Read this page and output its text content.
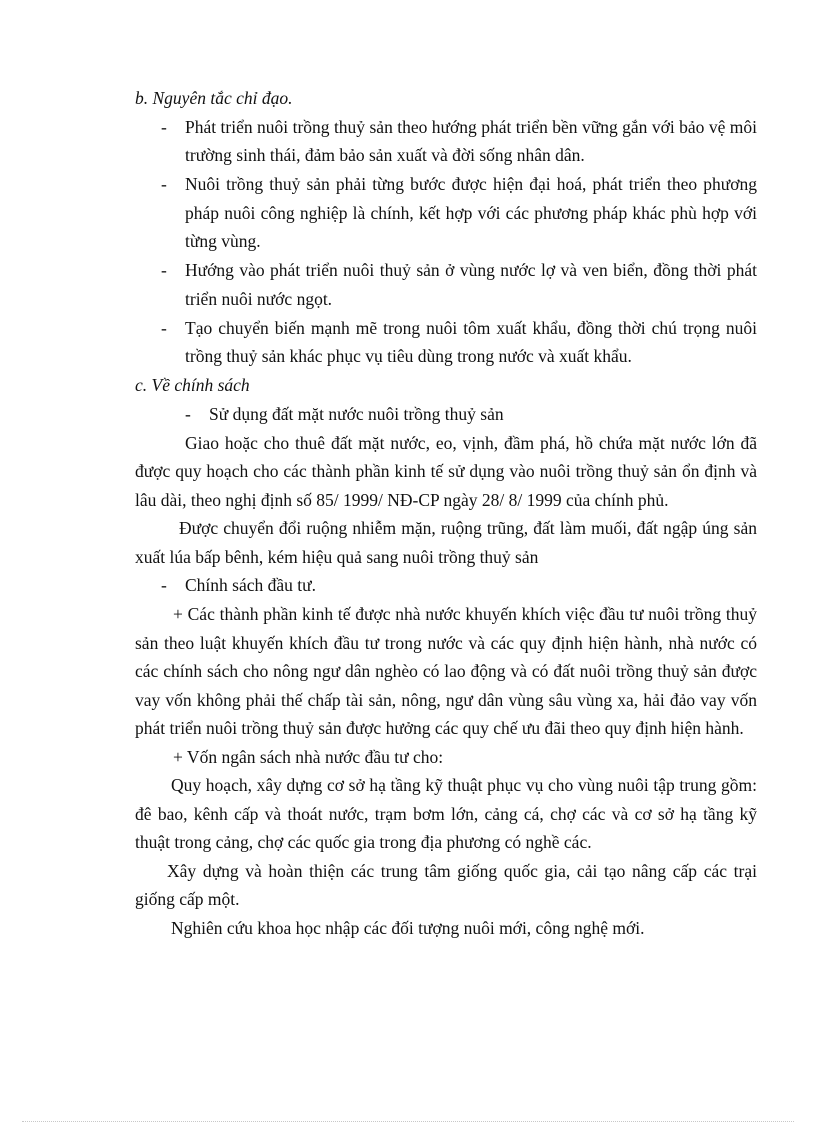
b. Nguyên tắc chỉ đạo.

- Phát triển nuôi trồng thuỷ sản theo hướng phát triển bền vững gắn với bảo vệ môi trường sinh thái, đảm bảo sản xuất và đời sống nhân dân.
- Nuôi trồng thuỷ sản phải từng bước được hiện đại hoá, phát triển theo phương pháp nuôi công nghiệp là chính, kết hợp với các phương pháp khác phù hợp với từng vùng.
- Hướng vào phát triển nuôi thuỷ sản ở vùng nước lợ và ven biển, đồng thời phát triển nuôi nước ngọt.
- Tạo chuyển biến mạnh mẽ trong nuôi tôm xuất khẩu, đồng thời chú trọng nuôi trồng thuỷ sản khác phục vụ tiêu dùng trong nước và xuất khẩu.

c. Về chính sách

- Sử dụng đất mặt nước nuôi trồng thuỷ sản

Giao hoặc cho thuê đất mặt nước, eo, vịnh, đầm phá, hồ chứa mặt nước lớn đã được quy hoạch cho các thành phần kinh tế sử dụng vào nuôi trồng thuỷ sản ổn định và lâu dài, theo nghị định số 85/ 1999/ NĐ-CP ngày 28/ 8/ 1999 của chính phủ.

Được chuyển đổi ruộng nhiễm mặn, ruộng trũng, đất làm muối, đất ngập úng sản xuất lúa bấp bênh, kém hiệu quả sang nuôi trồng thuỷ sản

- Chính sách đầu tư.

+ Các thành phần kinh tế được nhà nước khuyến khích việc đầu tư nuôi trồng thuỷ sản theo luật khuyến khích đầu tư trong nước và các quy định hiện hành, nhà nước có các chính sách cho nông ngư dân nghèo có lao động và có đất nuôi trồng thuỷ sản được vay vốn không phải thế chấp tài sản, nông, ngư dân vùng sâu vùng xa, hải đảo vay vốn phát triển nuôi trồng thuỷ sản được hưởng các quy chế ưu đãi theo quy định hiện hành.

+ Vốn ngân sách nhà nước đầu tư cho:

Quy hoạch, xây dựng cơ sở hạ tầng kỹ thuật phục vụ cho vùng nuôi tập trung gồm: đê bao, kênh cấp và thoát nước, trạm bơm lớn, cảng cá, chợ các và cơ sở hạ tầng kỹ thuật trong cảng, chợ các quốc gia trong địa phương có nghề các.

Xây dựng và hoàn thiện các trung tâm giống quốc gia, cải tạo nâng cấp các trại giống cấp một.

Nghiên cứu khoa học nhập các đối tượng nuôi mới, công nghệ mới.
